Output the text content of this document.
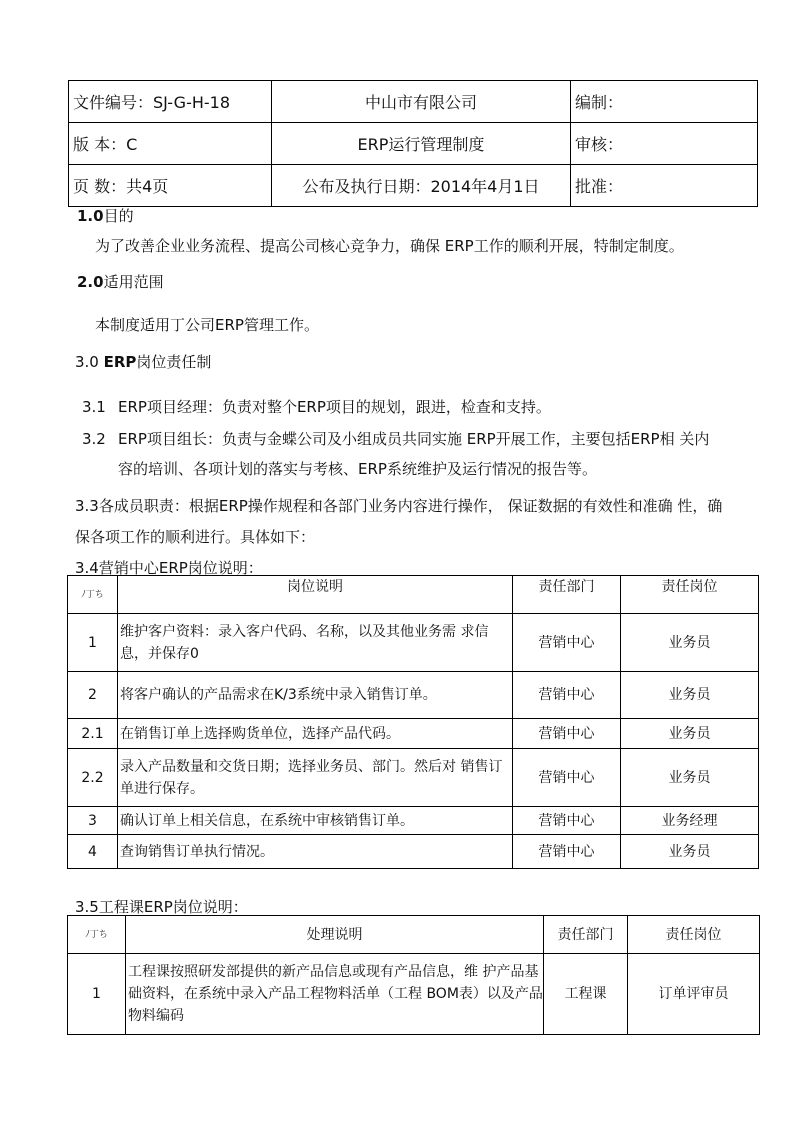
文件编号：SJ-G-H-18	中山市有限公司	编制：

版 本：C	ERP运行管理制度	审核：

页 数：共4页	公布及执行日期：2014年4月1日	批准：
1.0目的
为了改善企业业务流程、提高公司核心竞争力，确保 ERP工作的顺利开展，特制定制度。
2.0适用范围
本制度适用丁公司ERP管理工作。
3.0 ERP岗位责任制
3.1 ERP项目经理：负责对整个ERP项目的规划，跟进，检查和支持。
3.2 ERP项目组长：负责与金蝶公司及小组成员共同实施 ERP开展工作，主要包括ERP相 关内
容的培训、各项计划的落实与考核、ERP系统维护及运行情况的报告等。
3.3各成员职责：根据ERP操作规程和各部门业务内容进行操作， 保证数据的有效性和准确 性，确
保各项工作的顺利进行。具体如下：
3.4营销中心ERP岗位说明：
ﾉ丁ち	岗位说明	责任部门	责任岗位
1	维护客户资料：录入客户代码、名称，以及其他业务需 求信息，并保存0	营销中心	业务员
2	将客户确认的产品需求在K/3系统中录入销售订单。	营销中心	业务员
2.1	在销售订单上选择购货单位，选择产品代码。	营销中心	业务员
2.2	录入产品数量和交货日期；选择业务员、部门。然后对 销售订单进行保存。	营销中心	业务员
3	确认订单上相关信息，在系统中审核销售订单。	营销中心	业务经理
4	查询销售订单执行情况。	营销中心	业务员
3.5工程课ERP岗位说明：
ﾉ丁ち	处理说明	责任部门	责任岗位
1	工程课按照研发部提供的新产品信息或现有产品信息，维 护产品基础资料，在系统中录入产品工程物料活单（工程 BOM表）以及产品物料编码	工程课	订单评审员
